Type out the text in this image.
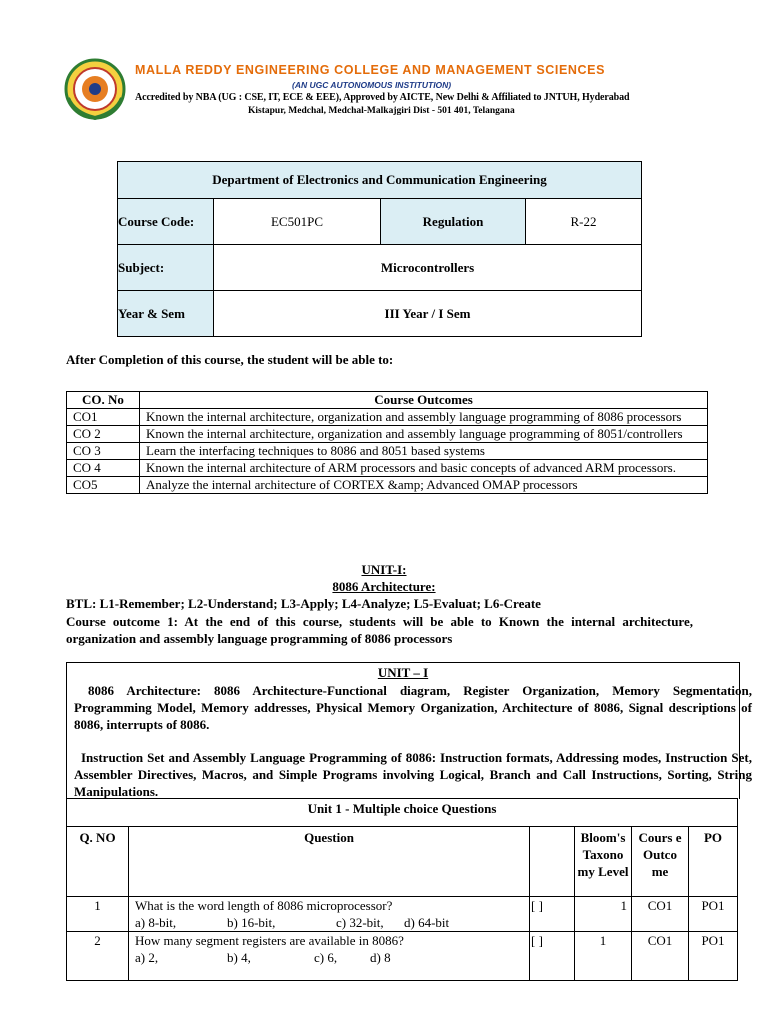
MALLA REDDY ENGINEERING COLLEGE AND MANAGEMENT SCIENCES
(AN UGC AUTONOMOUS INSTITUTION)
Accredited by NBA (UG : CSE, IT, ECE & EEE), Approved by AICTE, New Delhi & Affiliated to JNTUH, Hyderabad
Kistapur, Medchal, Medchal-Malkajgiri Dist - 501 401, Telangana
Department of Electronics and Communication Engineering			
Course Code:	EC501PC	Regulation	R-22
Subject:	Microcontrollers		
Year & Sem	III Year / I Sem		
After Completion of this course, the student will be able to:
CO. No	Course Outcomes
CO1	Known the internal architecture, organization and assembly language programming of 8086 processors
CO 2	Known the internal architecture, organization and assembly language programming of 8051/controllers
CO 3	Learn the interfacing techniques to 8086 and 8051 based systems
CO 4	Known the internal architecture of ARM processors and basic concepts of advanced ARM processors.
CO5	Analyze the internal architecture of CORTEX &amp; Advanced OMAP processors
UNIT-I:
8086 Architecture:
BTL: L1-Remember; L2-Understand; L3-Apply; L4-Analyze; L5-Evaluat; L6-Create
Course outcome 1: At the end of this course, students will be able to Known the internal architecture, organization and assembly language programming of 8086 processors
UNIT – I
8086 Architecture: 8086 Architecture-Functional diagram, Register Organization, Memory Segmentation, Programming Model, Memory addresses, Physical Memory Organization, Architecture of 8086, Signal descriptions of 8086, interrupts of 8086.
Instruction Set and Assembly Language Programming of 8086: Instruction formats, Addressing modes, Instruction Set, Assembler Directives, Macros, and Simple Programs involving Logical, Branch and Call Instructions, Sorting, String Manipulations.
Unit 1 - Multiple choice Questions					
Q. NO	Question		Bloom's Taxono my Level	Cours e Outco me	PO
1	What is the word length of 8086 microprocessor?
a) 8-bit, b) 16-bit, c) 32-bit, d) 64-bit	[ ]	1	CO1	PO1
2	How many segment registers are available in 8086?
a) 2, b) 4, c) 6, d) 8	[ ]	1	CO1	PO1
